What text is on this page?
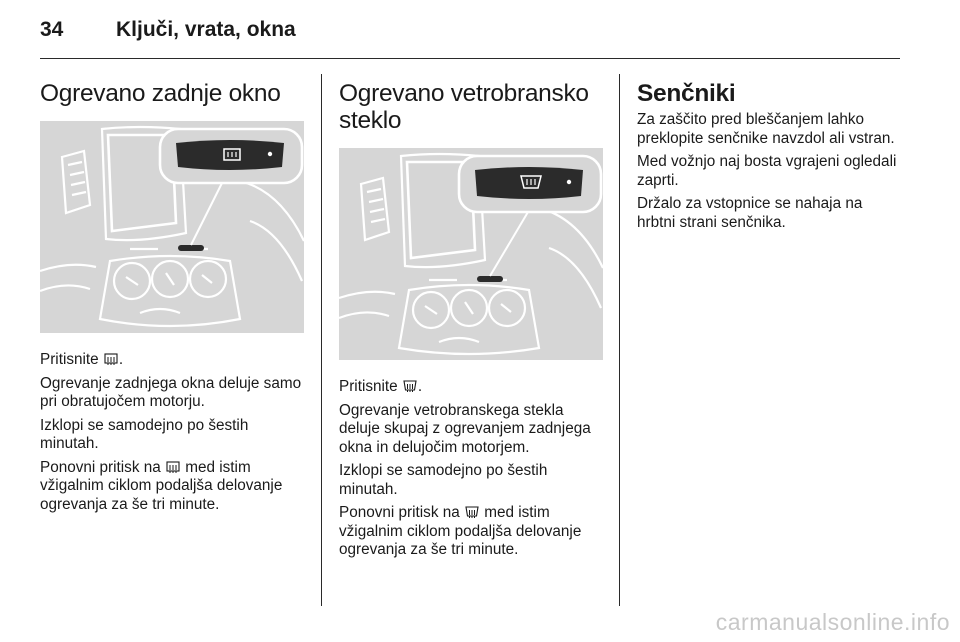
34	Ključi, vrata, okna
Ogrevano zadnje okno

Pritisnite .

Ogrevanje zadnjega okna deluje samo pri obratujočem motorju.

Izklopi se samodejno po šestih minutah.

Ponovni pritisk na  med istim vžigalnim ciklom podaljša delovanje ogrevanja za še tri minute.

Ogrevano vetrobransko steklo

Pritisnite .

Ogrevanje vetrobranskega stekla deluje skupaj z ogrevanjem zadnjega okna in delujočim motorjem.

Izklopi se samodejno po šestih minutah.

Ponovni pritisk na  med istim vžigalnim ciklom podaljša delovanje ogrevanja za še tri minute.

Senčniki

Za zaščito pred bleščanjem lahko preklopite senčnike navzdol ali vstran.

Med vožnjo naj bosta vgrajeni ogledali zaprti.

Držalo za vstopnice se nahaja na hrbtni strani senčnika.

carmanualsonline.info
